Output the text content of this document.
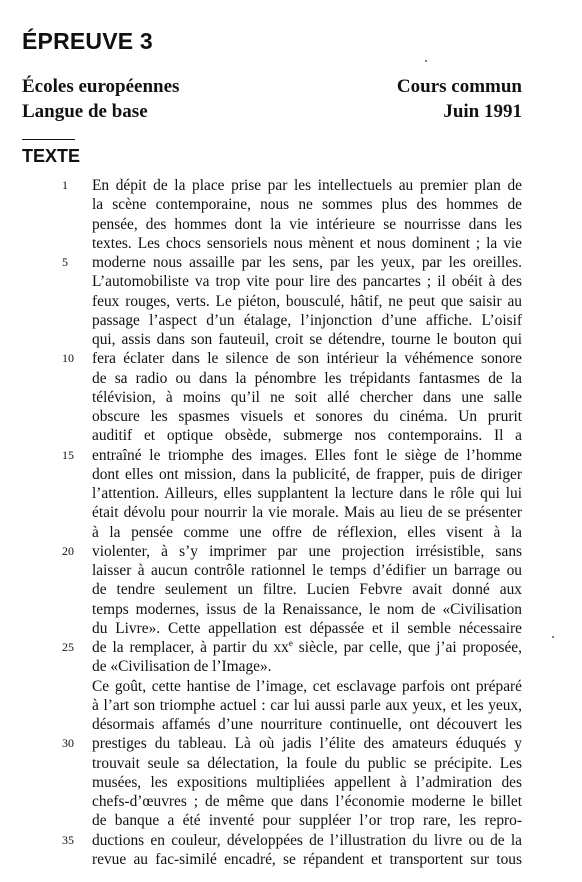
ÉPREUVE 3
Écoles européennes
Langue de base
Cours commun
Juin 1991
TEXTE
1	En dépit de la place prise par les intellectuels au premier plan de
la scène contemporaine, nous ne sommes plus des hommes de
pensée, des hommes dont la vie intérieure se nourrisse dans les
textes. Les chocs sensoriels nous mènent et nous dominent ; la vie
5	moderne nous assaille par les sens, par les yeux, par les oreilles.
L’automobiliste va trop vite pour lire des pancartes ; il obéit à des
feux rouges, verts. Le piéton, bousculé, hâtif, ne peut que saisir au
passage l’aspect d’un étalage, l’injonction d’une affiche. L’oisif
qui, assis dans son fauteuil, croit se détendre, tourne le bouton qui
10 fera éclater dans le silence de son intérieur la véhémence sonore
de sa radio ou dans la pénombre les trépidants fantasmes de la
télévision, à moins qu’il ne soit allé chercher dans une salle
obscure les spasmes visuels et sonores du cinéma. Un prurit
auditif et optique obsède, submerge nos contemporains. Il a
15 entraîné le triomphe des images. Elles font le siège de l’homme
dont elles ont mission, dans la publicité, de frapper, puis de diriger
l’attention. Ailleurs, elles supplantent la lecture dans le rôle qui lui
était dévolu pour nourrir la vie morale. Mais au lieu de se présenter
à la pensée comme une offre de réflexion, elles visent à la
20 violenter, à s’y imprimer par une projection irrésistible, sans
laisser à aucun contrôle rationnel le temps d’édifier un barrage ou
de tendre seulement un filtre. Lucien Febvre avait donné aux
temps modernes, issus de la Renaissance, le nom de «Civilisation
du Livre». Cette appellation est dépassée et il semble nécessaire
25 de la remplacer, à partir du $xx^e$ siècle, par celle, que j’ai proposée,
de «Civilisation de l’Image».
Ce goût, cette hantise de l’image, cet esclavage parfois ont préparé
à l’art son triomphe actuel : car lui aussi parle aux yeux, et les yeux,
désormais affamés d’une nourriture continuelle, ont découvert les
30 prestiges du tableau. Là où jadis l’élite des amateurs éduqués y
trouvait seule sa délectation, la foule du public se précipite. Les
musées, les expositions multipliées appellent à l’admiration des
chefs-d’œuvres ; de même que dans l’économie moderne le billet
de banque a été inventé pour suppléer l’or trop rare, les repro-
35 ductions en couleur, développées de l’illustration du livre ou de la
revue au fac-similé encadré, se répandent et transportent sur tous
